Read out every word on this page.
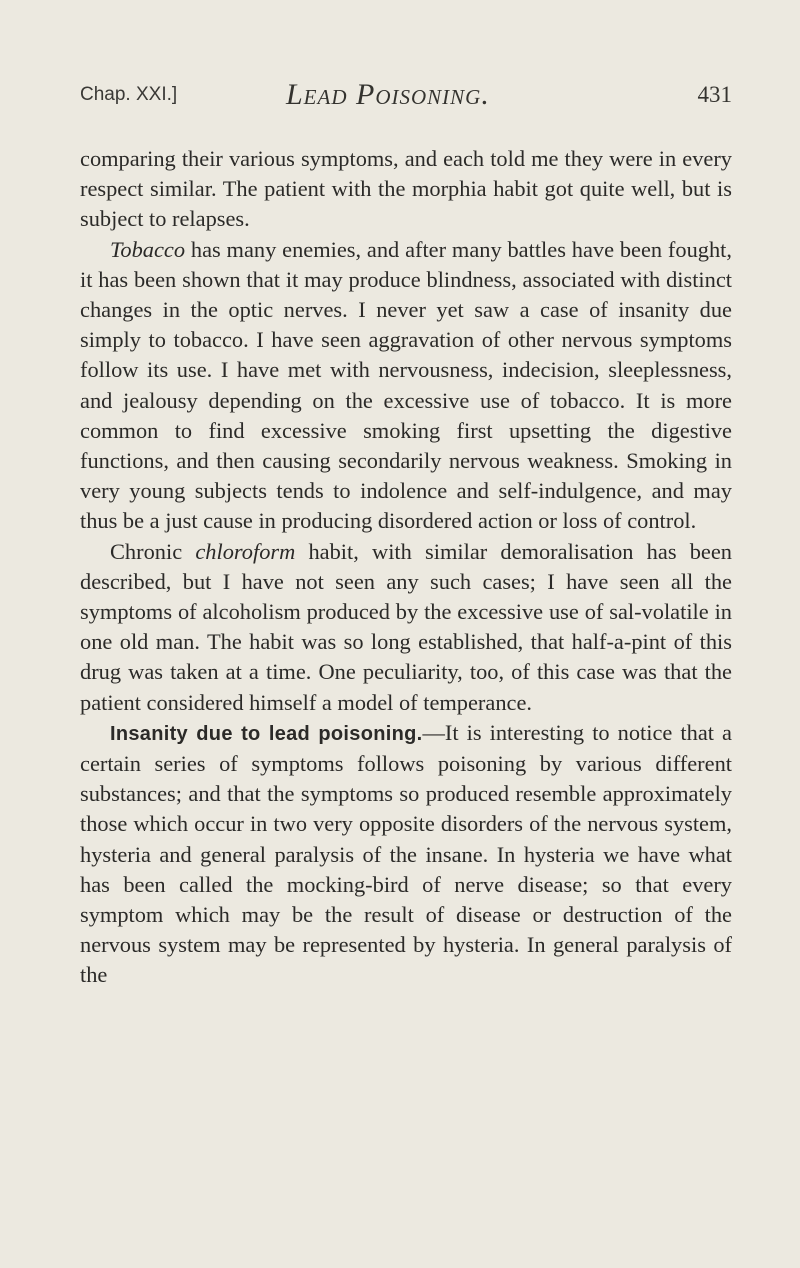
Chap. XXI.]	Lead Poisoning.	431

comparing their various symptoms, and each told me they were in every respect similar. The patient with the morphia habit got quite well, but is subject to relapses.

Tobacco has many enemies, and after many battles have been fought, it has been shown that it may produce blindness, associated with distinct changes in the optic nerves. I never yet saw a case of insanity due simply to tobacco. I have seen aggravation of other nervous symptoms follow its use. I have met with nervousness, indecision, sleeplessness, and jealousy depending on the excessive use of tobacco. It is more common to find excessive smoking first upsetting the digestive functions, and then causing secondarily nervous weakness. Smoking in very young subjects tends to indolence and self-indulgence, and may thus be a just cause in producing disordered action or loss of control.

Chronic chloroform habit, with similar demoralisation has been described, but I have not seen any such cases; I have seen all the symptoms of alcoholism produced by the excessive use of sal-volatile in one old man. The habit was so long established, that half-a-pint of this drug was taken at a time. One peculiarity, too, of this case was that the patient considered himself a model of temperance.

Insanity due to lead poisoning.—It is interesting to notice that a certain series of symptoms follows poisoning by various different substances; and that the symptoms so produced resemble approximately those which occur in two very opposite disorders of the nervous system, hysteria and general paralysis of the insane. In hysteria we have what has been called the mocking-bird of nerve disease; so that every symptom which may be the result of disease or destruction of the nervous system may be represented by hysteria. In general paralysis of the
